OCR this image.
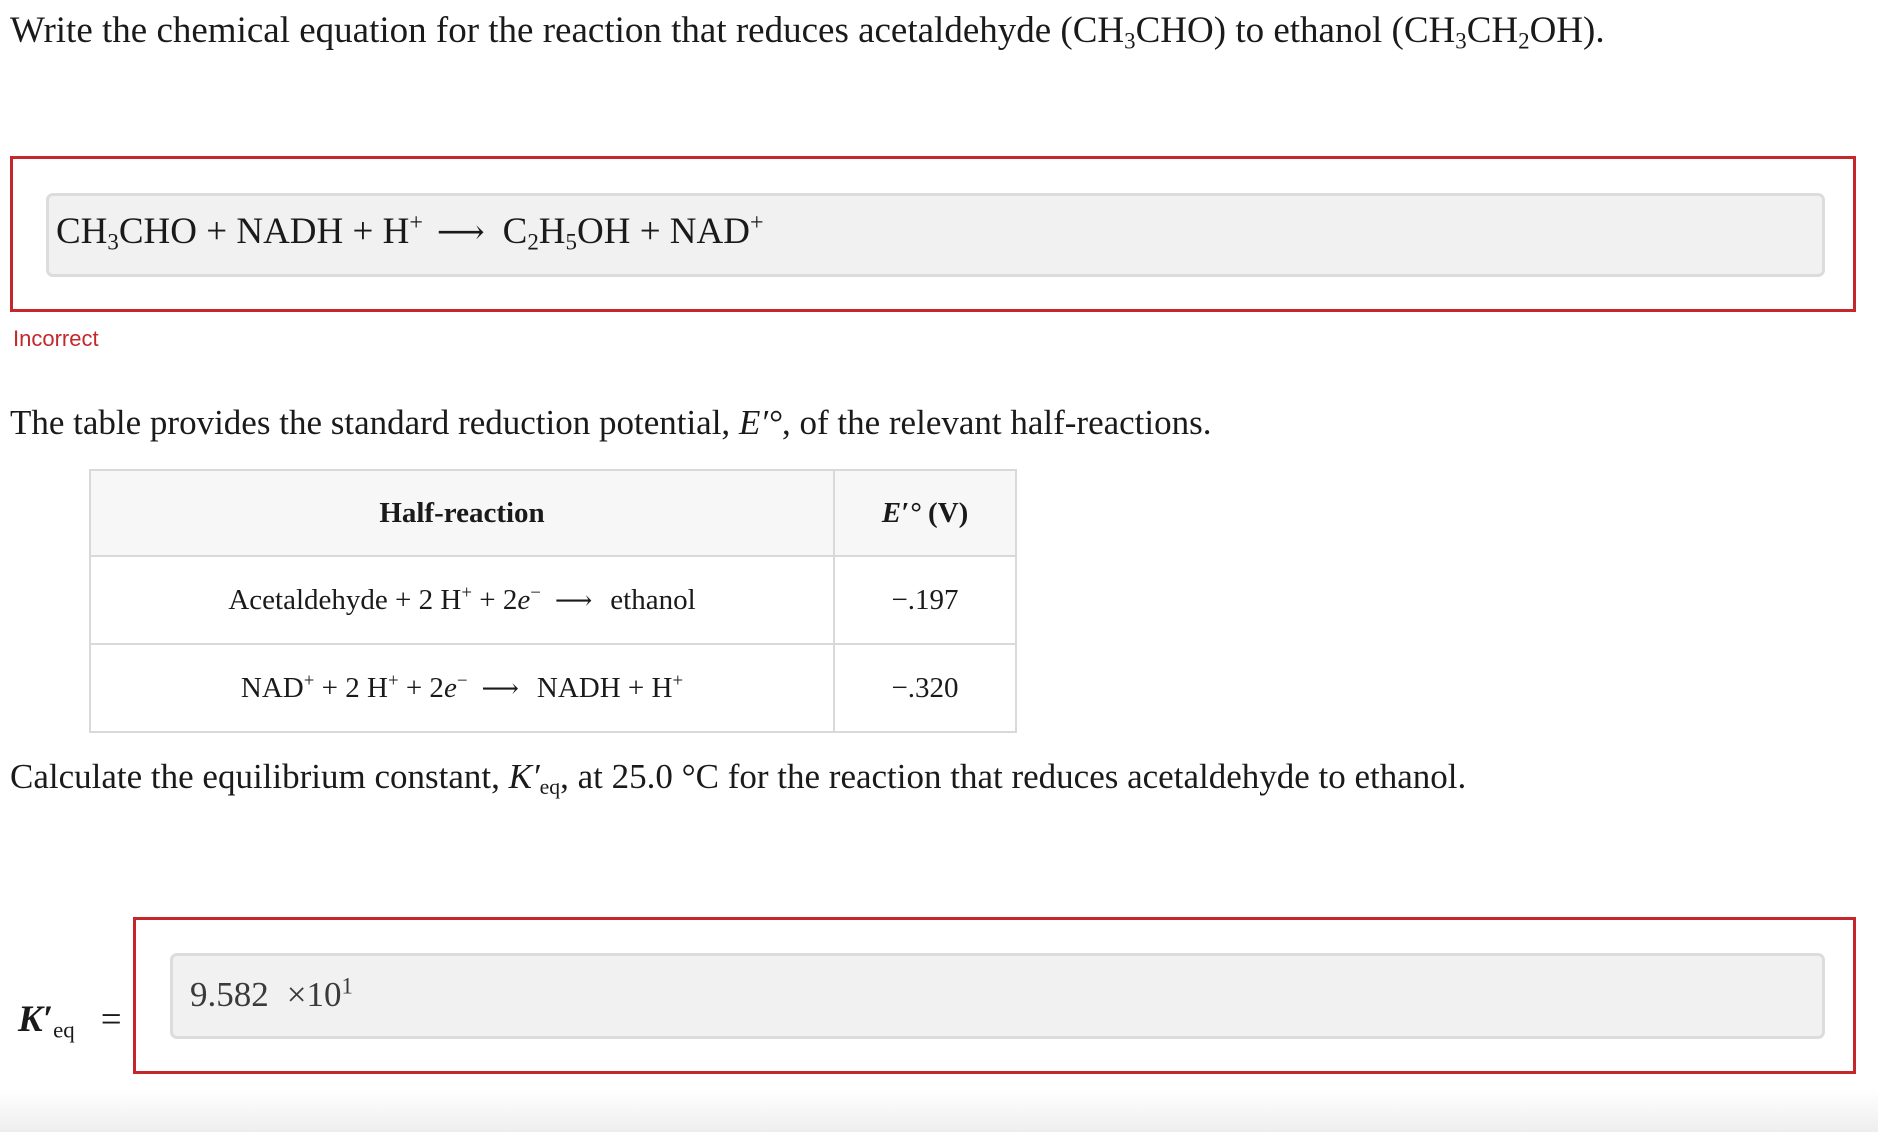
Write the chemical equation for the reaction that reduces acetaldehyde $(CH_3CHO)$ to ethanol $(CH_3CH_2OH)$.
$CH_3CHO$ + NADH + H+ ⟶ $C_2H_5OH + NAD^+$
Incorrect
The table provides the standard reduction potential, E′°, of the relevant half-reactions.
Half-reaction	E′° (V)
Acetaldehyde + 2 H+ + 2e− ⟶ ethanol	−.197
NAD+ + 2 H+ + 2e− ⟶ NADH + H+	−.320
Calculate the equilibrium constant, $K'_{eq}$, at 25.0 °C for the reaction that reduces acetaldehyde to ethanol.
$K'_{eq}$ =
$9.582 \times 10^1$
